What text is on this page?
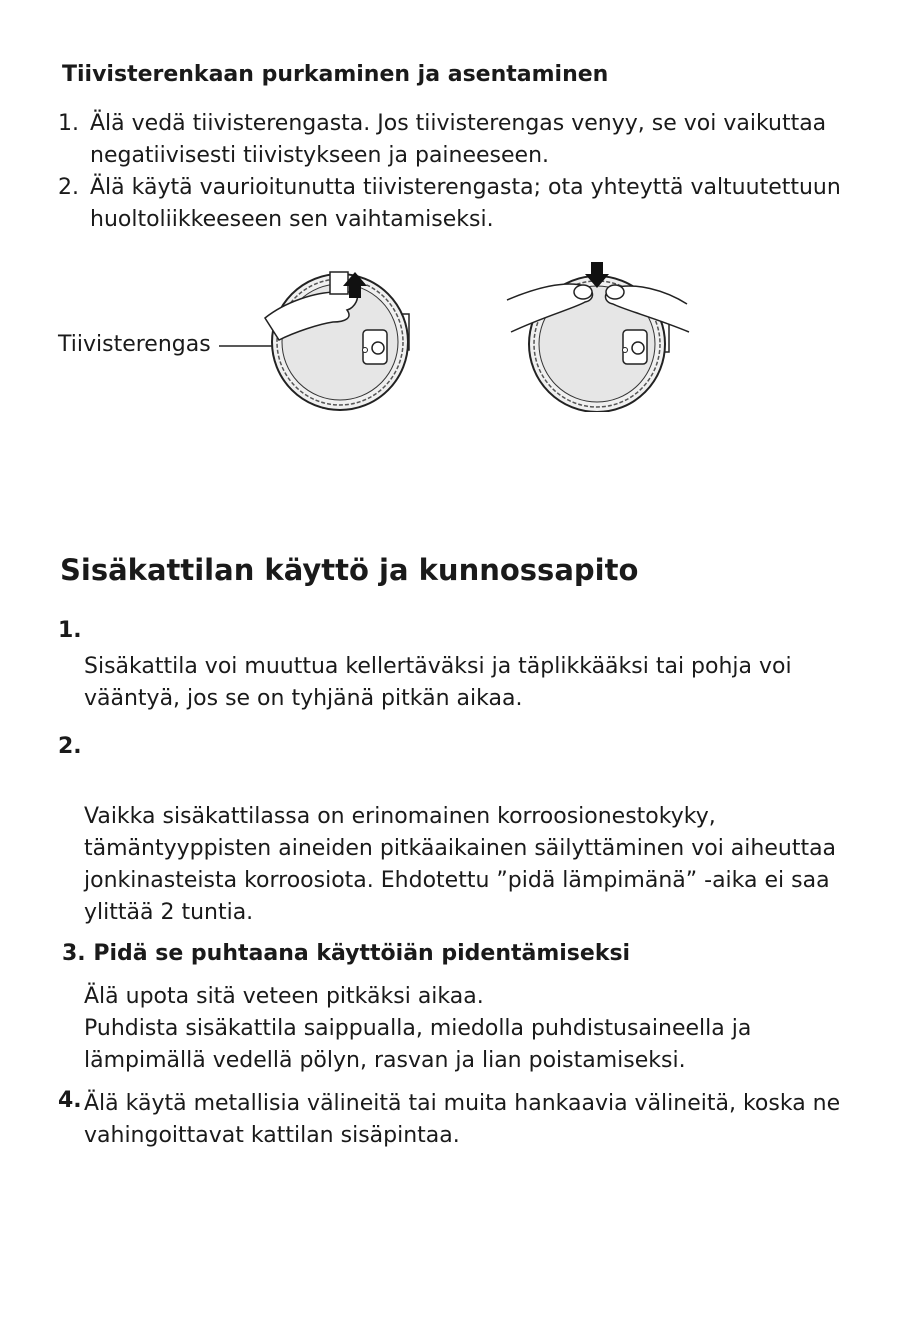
Tiivisterenkaan purkaminen ja asentaminen
1. Älä vedä tiivisterengasta. Jos tiivisterengas venyy, se voi vaikuttaa
negatiivisesti tiivistykseen ja paineeseen.
2. Älä käytä vaurioitunutta tiivisterengasta; ota yhteyttä valtuutettuun
huoltoliikkeeseen sen vaihtamiseksi.
Tiivisterengas
Sisäkattilan käyttö ja kunnossapito
1.
Sisäkattila voi muuttua kellertäväksi ja täplikkääksi tai pohja voi
vääntyä, jos se on tyhjänä pitkän aikaa.
2.
Vaikka sisäkattilassa on erinomainen korroosionestokyky,
tämäntyyppisten aineiden pitkäaikainen säilyttäminen voi aiheuttaa
jonkinasteista korroosiota. Ehdotettu ”pidä lämpimänä” -aika ei saa
ylittää 2 tuntia.
3. Pidä se puhtaana käyttöiän pidentämiseksi
Älä upota sitä veteen pitkäksi aikaa.
Puhdista sisäkattila saippualla, miedolla puhdistusaineella ja
lämpimällä vedellä pölyn, rasvan ja lian poistamiseksi.
4. Älä käytä metallisia välineitä tai muita hankaavia välineitä, koska ne
vahingoittavat kattilan sisäpintaa.
